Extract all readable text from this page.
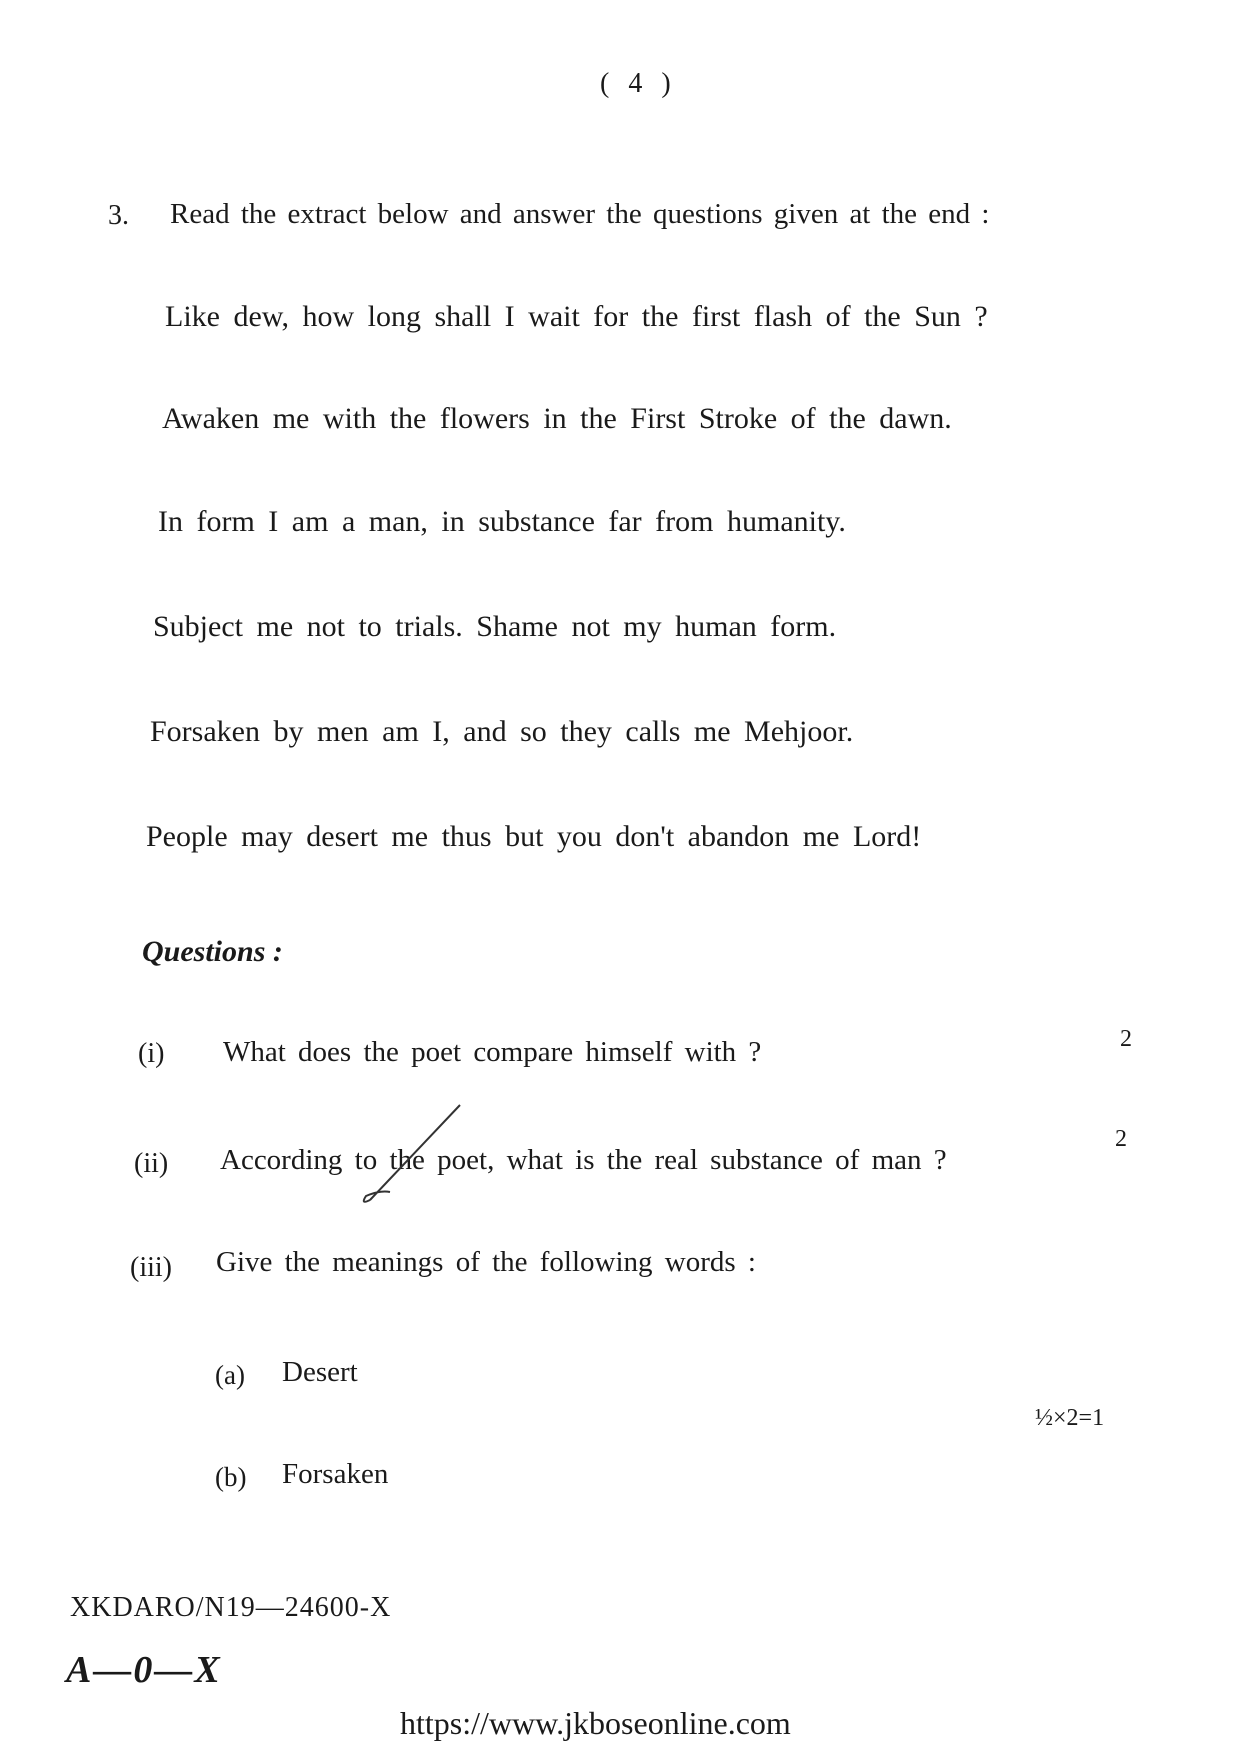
( 4 )
3. Read the extract below and answer the questions given at the end :
Like dew, how long shall I wait for the first flash of the Sun ?
Awaken me with the flowers in the First Stroke of the dawn.
In form I am a man, in substance far from humanity.
Subject me not to trials. Shame not my human form.
Forsaken by men am I, and so they calls me Mehjoor.
People may desert me thus but you don't abandon me Lord!
Questions :
(i) What does the poet compare himself with ?	2
(ii) According to the poet, what is the real substance of man ?
2
(iii) Give the meanings of the following words :
(a) Desert
½×2=1
(b) Forsaken
XKDARO/N19—24600-X
A—0—X
https://www.jkboseonline.com
